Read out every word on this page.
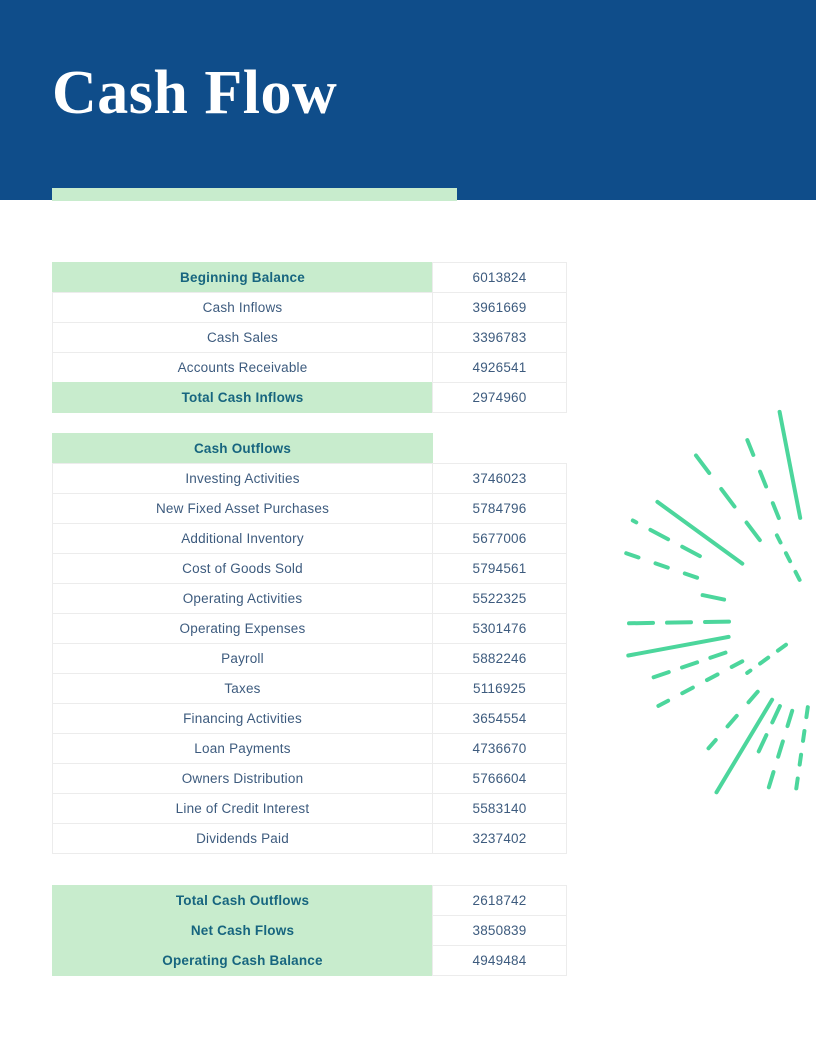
Cash Flow
Beginning Balance	6013824
Cash Inflows	3961669
Cash Sales	3396783
Accounts Receivable	4926541
Total Cash Inflows	2974960
Cash Outflows
Investing Activities	3746023
New Fixed Asset Purchases	5784796
Additional Inventory	5677006
Cost of Goods Sold	5794561
Operating Activities	5522325
Operating Expenses	5301476
Payroll	5882246
Taxes	5116925
Financing Activities	3654554
Loan Payments	4736670
Owners Distribution	5766604
Line of Credit Interest	5583140
Dividends Paid	3237402
Total Cash Outflows	2618742
Net Cash Flows	3850839
Operating Cash Balance	4949484
